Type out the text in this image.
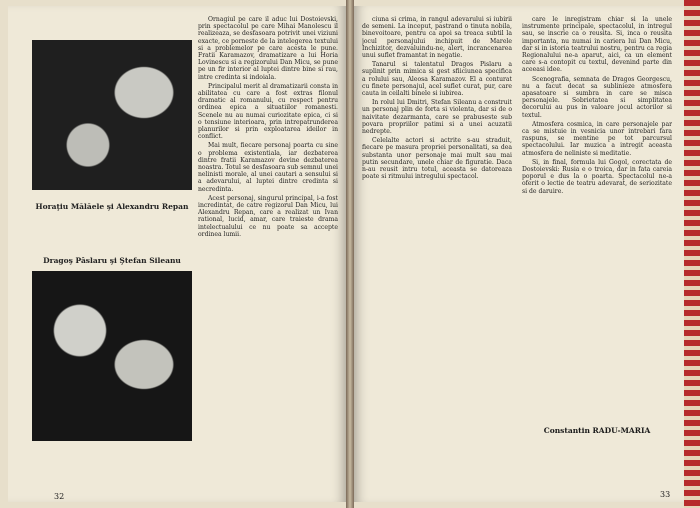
Horaţiu Mălăele şi Alexandru Repan
Dragoş Pâslaru şi Ştefan Sileanu

Ornagiul pe care il aduc lui Dostoievski, prin spectacolul pe care Mihai Manolescu il realizeaza, se desfasoara potrivit unei viziuni exacte, ce porneste de la intelegerea textului si a problemelor pe care acesta le pune. Fratii Karamazov, dramatizare a lui Horia Lovinescu si a regizorului Dan Micu, se pune pe un fir interior al luptei dintre bine si rau, intre credinta si indoiala.

Principalul merit al dramatizarii consta in abilitatea cu care a fost extras filonul dramatic al romanului, cu respect pentru ordinea epica a situatiilor romanesti. Scenele nu au numai curiozitate epica, ci si o tensiune interioara, prin intrepatrunderea planurilor si prin exploatarea ideilor in conflict.

Mai mult, fiecare personaj poarta cu sine o problema existentiala, iar dezbaterea dintre fratii Karamazov devine dezbaterea noastra. Totul se desfasoara sub semnul unei nelinisti morale, al unei cautari a sensului si a adevarului, al luptei dintre credinta si necredinta.

Acest personaj, singurul principal, i-a fost incredintat, de catre regizorul Dan Micu, lui Alexandru Repan, care a realizat un Ivan rational, lucid, amar, care traieste drama intelectualului ce nu poate sa accepte ordinea lumii.

32

ciuna si crima, in rangul adevarului si iubirii de semeni. La inceput, pastrand o tinuta nobila, binevoitoare, pentru ca apoi sa treaca subtil la jocul personajului inchipuit de Marele Inchizitor, dezvaluindu-ne, alert, incrancenarea unui suflet framantat in negatie.

Tanarul si talentatul Dragos Pislaru a suplinit prin mimica si gest sfiiciunea specifica a rolului sau, Aleosa Karamazov. El a conturat cu finete personajul, acel suflet curat, pur, care cauta in ceilalti binele si iubirea.

In rolul lui Dmitri, Stefan Sileanu a construit un personaj plin de forta si violenta, dar si de o naivitate dezarmanta, care se prabuseste sub povara propriilor patimi si a unei acuzatii nedrepte.

Celelalte actori si actrite s-au straduit, fiecare pe masura propriei personalitati, sa dea substanta unor personaje mai mult sau mai putin secundare, unele chiar de figuratie. Daca n-au reusit intru totul, aceasta se datoreaza poate si ritmului intregului spectacol.

care le inregistram chiar si la unele instrumente principale, spectacolul, in intregul sau, se inscrie ca o reusita. Si, inca o reusita importanta, nu numai in cariera lui Dan Micu, dar si in istoria teatrului nostru, pentru ca regia Regionalului ne-a aparut, aici, ca un element care s-a contopit cu textul, devenind parte din aceeasi idee.

Scenografia, semnata de Dragos Georgescu, nu a facut decat sa sublinieze atmosfera apasatoare si sumbra in care se misca personajele. Sobrietatea si simplitatea decorului au pus in valoare jocul actorilor si textul.

Atmosfera cosmica, in care personajele par ca se mistuie in vesnicia unor intrebari fara raspuns, se mentine pe tot parcursul spectacolului. Iar muzica a intregit aceasta atmosfera de neliniste si meditatie.

Si, in final, formula lui Gogol, corectata de Dostoievski: Rusia e o troica, dar in fata careia poporul e dus la o poarta. Spectacolul ne-a oferit o lectie de teatru adevarat, de seriozitate si de daruire.

Constantin RADU-MARIA
33
